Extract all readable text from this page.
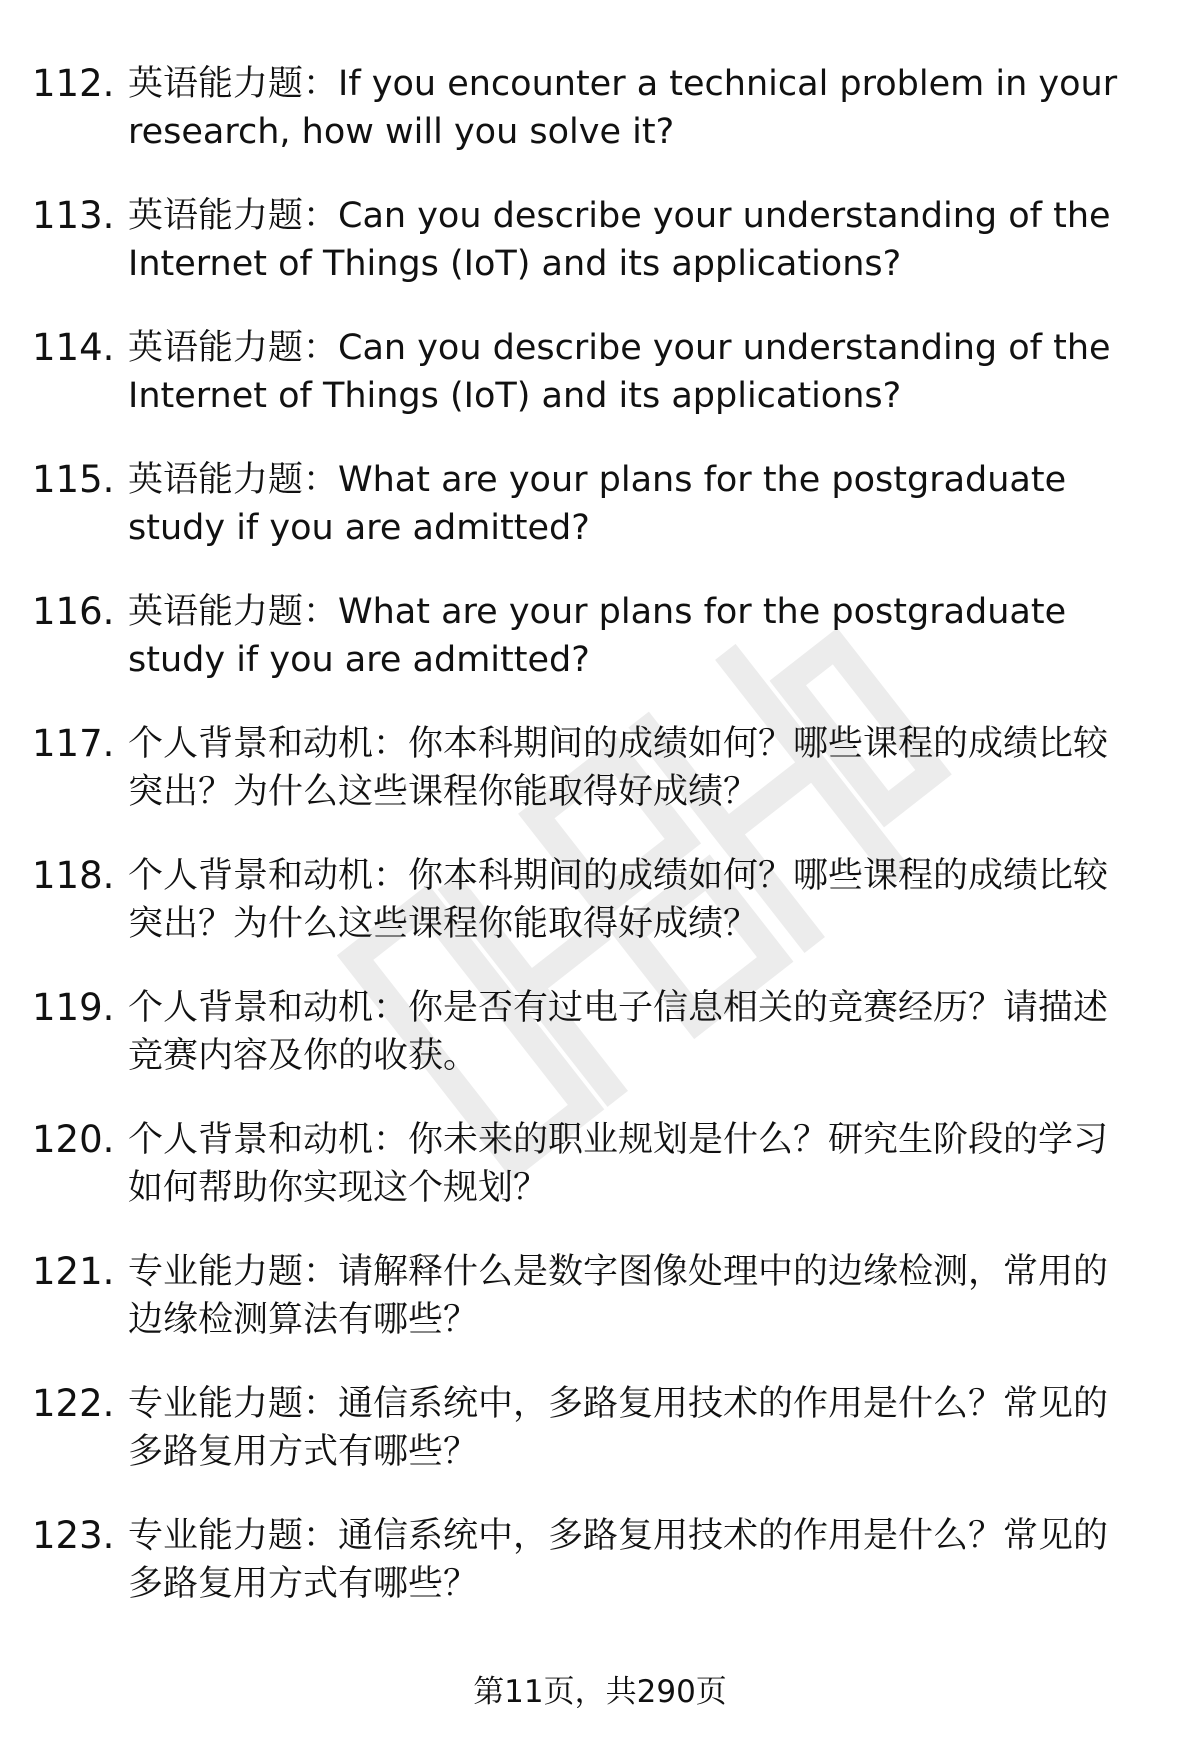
112. 英语能力题：If you encounter a technical problem in your
research, how will you solve it?
113. 英语能力题：Can you describe your understanding of the
Internet of Things (IoT) and its applications?
114. 英语能力题：Can you describe your understanding of the
Internet of Things (IoT) and its applications?
115. 英语能力题：What are your plans for the postgraduate
study if you are admitted?
116. 英语能力题：What are your plans for the postgraduate
study if you are admitted?
117. 个人背景和动机：你本科期间的成绩如何？哪些课程的成绩比较
突出？为什么这些课程你能取得好成绩？
118. 个人背景和动机：你本科期间的成绩如何？哪些课程的成绩比较
突出？为什么这些课程你能取得好成绩？
119. 个人背景和动机：你是否有过电子信息相关的竞赛经历？请描述
竞赛内容及你的收获。
120. 个人背景和动机：你未来的职业规划是什么？研究生阶段的学习
如何帮助你实现这个规划？
121. 专业能力题：请解释什么是数字图像处理中的边缘检测，常用的
边缘检测算法有哪些？
122. 专业能力题：通信系统中，多路复用技术的作用是什么？常见的
多路复用方式有哪些？
123. 专业能力题：通信系统中，多路复用技术的作用是什么？常见的
多路复用方式有哪些？
第11页，共290页
